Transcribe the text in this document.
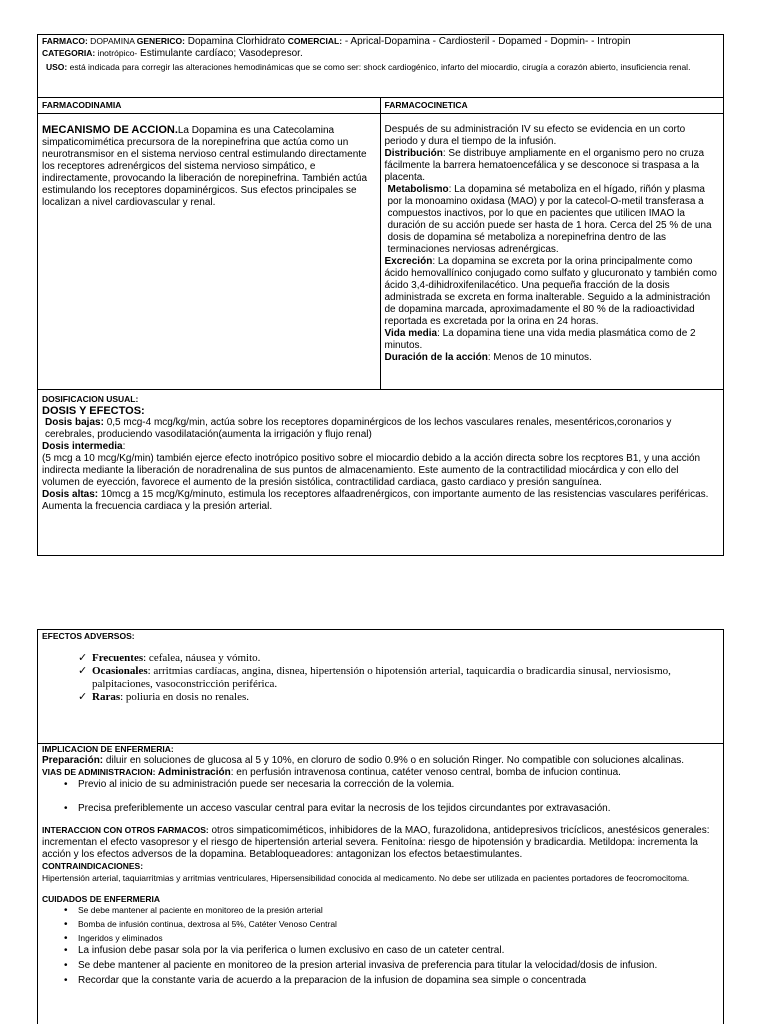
FARMACO: DOPAMINA GENERICO: Dopamina Clorhidrato COMERCIAL: - Aprical-Dopamina - Cardiosteril - Dopamed - Dopmin- - Intropin
CATEGORIA: inotrópico- Estimulante cardíaco; Vasodepresor.
USO: está indicada para corregir las alteraciones hemodinámicas que se como ser: shock cardiogénico, infarto del miocardio, cirugía a corazón abierto, insuficiencia renal.
FARMACODINAMIA	FARMACOCINETICA
MECANISMO DE ACCION.La Dopamina es una Catecolamina simpaticomimética precursora de la norepinefrina que actúa como un neurotransmisor en el sistema nervioso central estimulando directamente los receptores adrenérgicos del sistema nervioso simpático, e indirectamente, provocando la liberación de norepinefrina. También actúa estimulando los receptores dopaminérgicos. Sus efectos principales se localizan a nivel cardiovascular y renal.
Después de su administración IV su efecto se evidencia en un corto periodo y dura el tiempo de la infusión.
Distribución: Se distribuye ampliamente en el organismo pero no cruza fácilmente la barrera hematoencefálica y se desconoce si traspasa a la placenta.
Metabolismo: La dopamina sé metaboliza en el hígado, riñón y plasma por la monoamino oxidasa (MAO) y por la catecol-O-metil transferasa a compuestos inactivos, por lo que en pacientes que utilicen IMAO la duración de su acción puede ser hasta de 1 hora. Cerca del 25 % de una dosis de dopamina sé metaboliza a norepinefrina dentro de las terminaciones nerviosas adrenérgicas.
Excreción: La dopamina se excreta por la orina principalmente como ácido hemovallínico conjugado como sulfato y glucuronato y también como ácido 3,4-dihidroxifenilacético. Una pequeña fracción de la dosis administrada se excreta en forma inalterable. Seguido a la administración de dopamina marcada, aproximadamente el 80 % de la radioactividad reportada es excretada por la orina en 24 horas.
Vida media: La dopamina tiene una vida media plasmática como de 2 minutos.
Duración de la acción: Menos de 10 minutos.
DOSIFICACION USUAL:
DOSIS Y EFECTOS:
Dosis bajas: 0,5 mcg-4 mcg/kg/min, actúa sobre los receptores dopaminérgicos de los lechos vasculares renales, mesentéricos,coronarios y cerebrales, produciendo vasodilatación(aumenta la irrigación y flujo renal)
Dosis intermedia:
(5 mcg a 10 mcg/Kg/min) también ejerce efecto inotrópico positivo sobre el miocardio debido a la acción directa sobre los recptores B1, y una acción indirecta mediante la liberación de noradrenalina de sus puntos de almacenamiento. Este aumento de la contractilidad miocárdica y con ello del volumen de eyección, favorece el aumento de la presión sistólica, contractilidad cardiaca, gasto cardiaco y presión sanguínea.
Dosis altas: 10mcg a 15 mcg/Kg/minuto, estimula los receptores alfaadrenérgicos, con importante aumento de las resistencias vasculares periféricas. Aumenta la frecuencia cardiaca y la presión arterial.
EFECTOS ADVERSOS:
✓ Frecuentes: cefalea, náusea y vómito.
✓ Ocasionales: arritmias cardíacas, angina, disnea, hipertensión o hipotensión arterial, taquicardia o bradicardia sinusal, nerviosismo, palpitaciones, vasoconstricción periférica.
✓ Raras: poliuria en dosis no renales.
IMPLICACION DE ENFERMERIA:
Preparación: diluir en soluciones de glucosa al 5 y 10%, en cloruro de sodio 0.9% o en solución Ringer. No compatible con soluciones alcalinas.
VIAS DE ADMINISTRACION: Administración: en perfusión intravenosa continua, catéter venoso central, bomba de infucion continua.
• Previo al inicio de su administración puede ser necesaria la corrección de la volemia.
• Precisa preferiblemente un acceso vascular central para evitar la necrosis de los tejidos circundantes por extravasación.
INTERACCION CON OTROS FARMACOS: otros simpaticomiméticos, inhibidores de la MAO, furazolidona, antidepresivos tricíclicos, anestésicos generales: incrementan el efecto vasopresor y el riesgo de hipertensión arterial severa. Fenitoína: riesgo de hipotensión y bradicardia. Metildopa: incrementa la acción y los efectos adversos de la dopamina. Betabloqueadores: antagonizan los efectos betaestimulantes.
CONTRAINDICACIONES:
Hipertensión arterial, taquiarritmias y arritmias ventriculares, Hipersensibilidad conocida al medicamento. No debe ser utilizada en pacientes portadores de feocromocitoma.
CUIDADOS DE ENFERMERIA
• Se debe mantener al paciente en monitoreo de la presión arterial
• Bomba de infusión continua, dextrosa al 5%, Catéter Venoso Central
• Ingeridos y eliminados
• La infusion debe pasar sola por la via periferica o lumen exclusivo en caso de un cateter central.
• Se debe mantener al paciente en monitoreo de la presion arterial invasiva de preferencia para titular la velocidad/dosis de infusion.
• Recordar que la constante varia de acuerdo a la preparacion de la infusion de dopamina sea simple o concentrada
